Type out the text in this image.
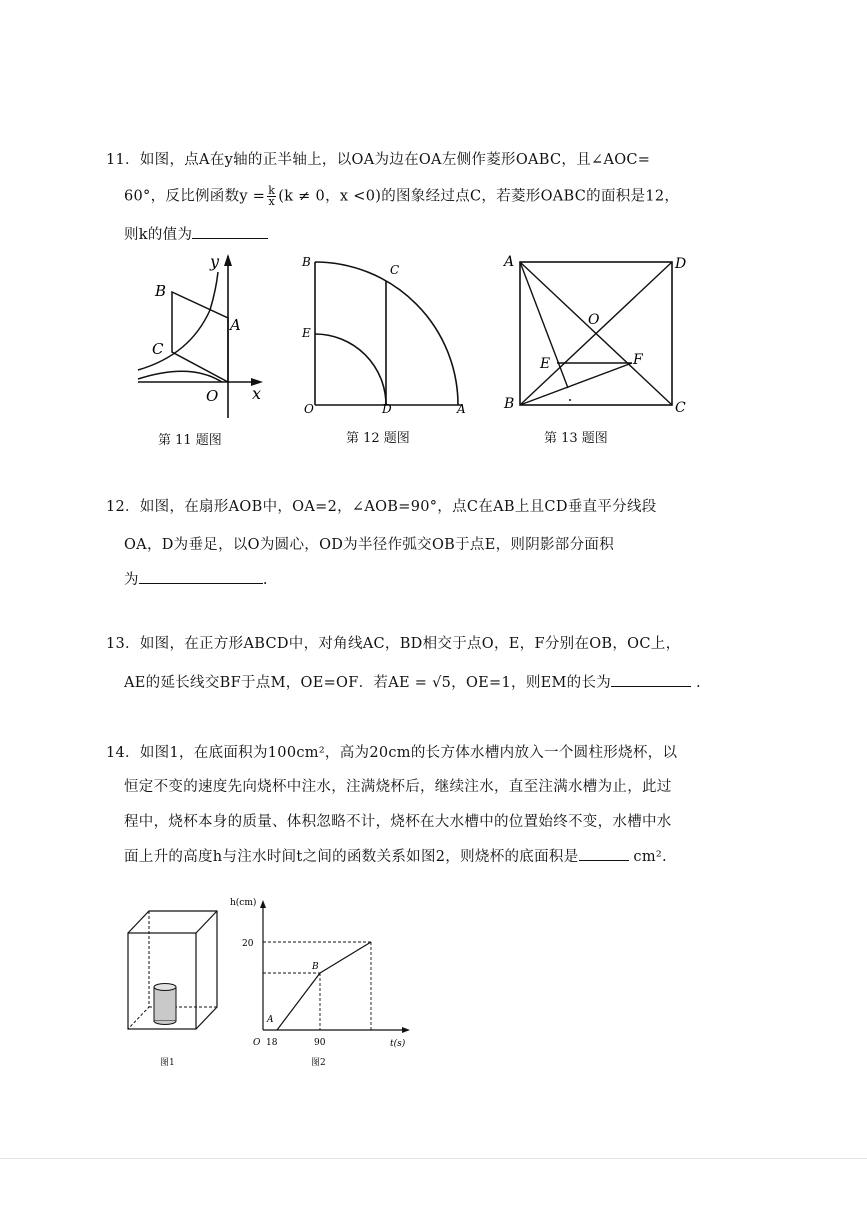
11．如图，点A在y轴的正半轴上，以OA为边在OA左侧作菱形OABC，且∠AOC=
60°，反比例函数$y = \frac{k}{x} (k \ne 0$，x <0)的图象经过点C，若菱形OABC的面积是12，
则k的值为
y
x
B
A
C
O
第 11 题图
B
C
E
O	D	A
第 12 题图
A	D
O
E	F
B	C
第 13 题图
12．如图，在扇形AOB中，OA=2，∠AOB=90°，点C在AB上且CD垂直平分线段
OA，D为垂足，以O为圆心，OD为半径作弧交OB于点E，则阴影部分面积
为	.
13．如图，在正方形ABCD中，对角线AC，BD相交于点O，E，F分别在OB，OC上，
AE的延长线交BF于点M，OE=OF．若AE = √5，OE=1，则EM的长为	.
14．如图1，在底面积为100cm²，高为20cm的长方体水槽内放入一个圆柱形烧杯，以
恒定不变的速度先向烧杯中注水，注满烧杯后，继续注水，直至注满水槽为止，此过
程中，烧杯本身的质量、体积忽略不计，烧杯在大水槽中的位置始终不变，水槽中水
面上升的高度h与注水时间t之间的函数关系如图2，则烧杯的底面积是	cm².
图1
h(cm)
t(s)
O 18	90
20
A
B
图2
